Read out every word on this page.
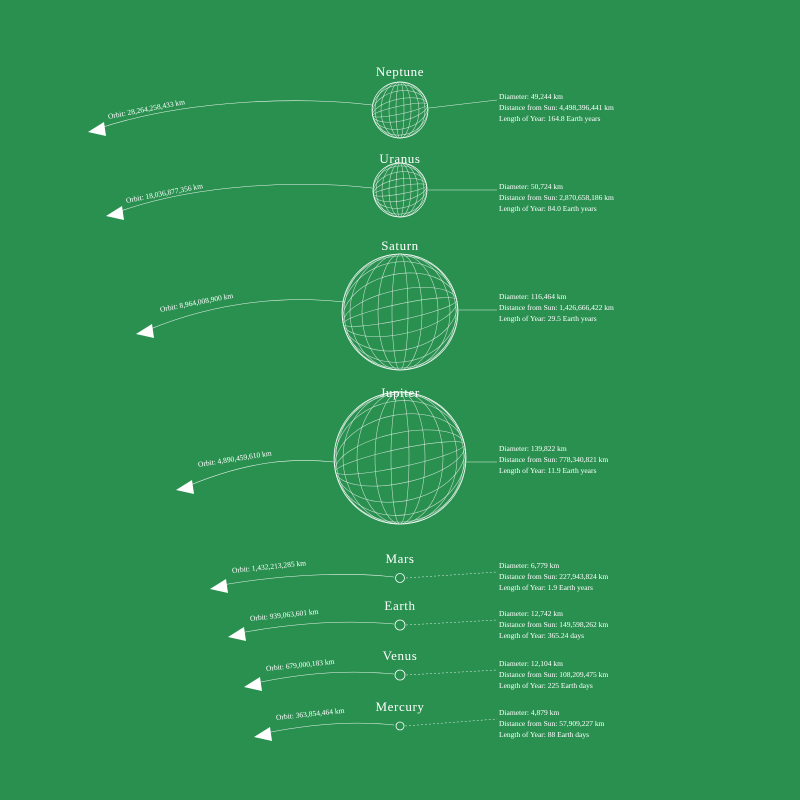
Neptune
Diameter: 49,244 km
Distance from Sun: 4,498,396,441 km
Length of Year: 164.8 Earth years
Orbit: 28,264,258,433 km
Uranus
Diameter: 50,724 km
Distance from Sun: 2,870,658,186 km
Length of Year: 84.0 Earth years
Orbit: 18,036,877,356 km
Saturn
Diameter: 116,464 km
Distance from Sun: 1,426,666,422 km
Length of Year: 29.5 Earth years
Orbit: 8,964,008,900 km
Jupiter
Diameter: 139,822 km
Distance from Sun: 778,340,821 km
Length of Year: 11.9 Earth years
Orbit: 4,890,459,610 km
Mars	Diameter: 6,779 km
Distance from Sun: 227,943,824 km
Length of Year: 1.9 Earth years
Orbit: 1,432,213,285 km
Earth
Diameter: 12,742 km
Distance from Sun: 149,598,262 km
Length of Year: 365.24 days
Orbit: 939,063,601 km
Venus
Diameter: 12,104 km
Distance from Sun: 108,209,475 km
Length of Year: 225 Earth days
Orbit: 679,000,183 km
Mercury	Diameter: 4,879 km
Distance from Sun: 57,909,227 km
Length of Year: 88 Earth days
Orbit: 363,854,464 km
